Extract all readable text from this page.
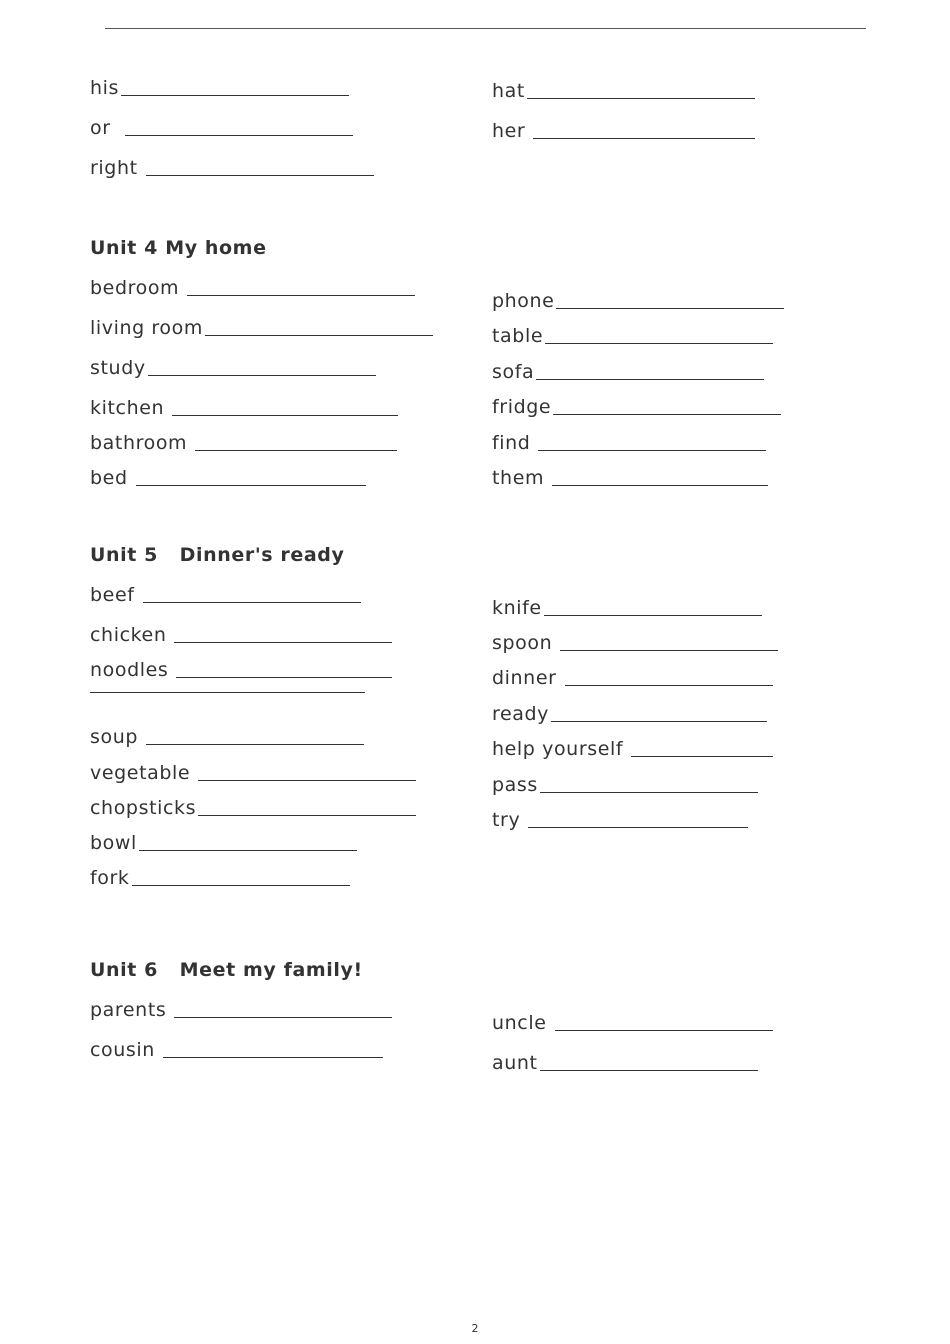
his
or
right
hat
her
Unit 4 My home
bedroom
living room
study
kitchen
bathroom
bed
phone
table
sofa
fridge
find
them
Unit 5   Dinner's ready
beef
chicken
noodles
soup
vegetable
chopsticks
bowl
fork
knife
spoon
dinner
ready
help yourself
pass
try
Unit 6   Meet my family!
parents
cousin
uncle
aunt
2
